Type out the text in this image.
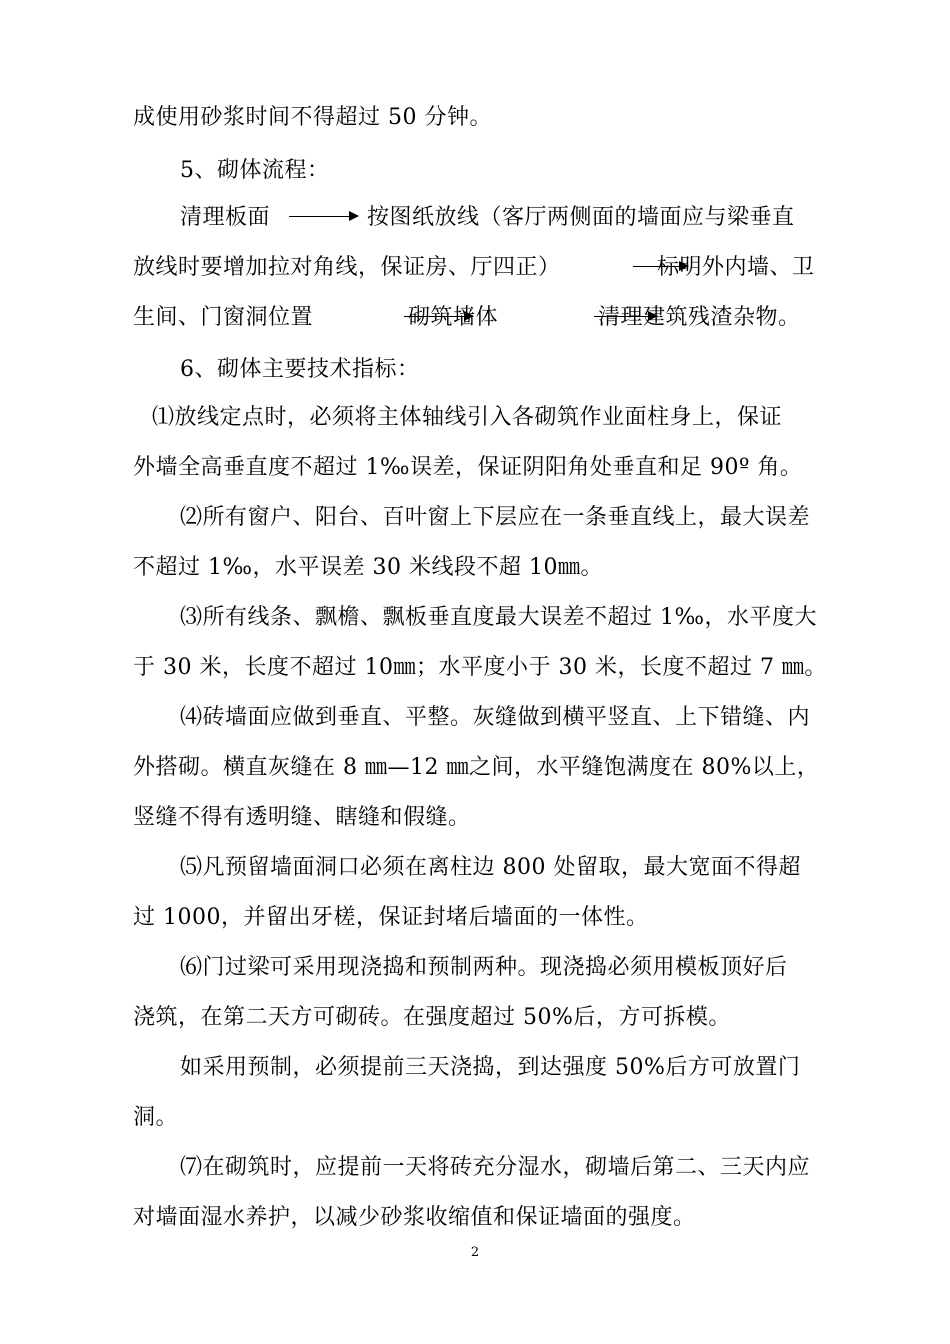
成使用砂浆时间不得超过 50 分钟。
5、砌体流程：
清理板面	按图纸放线（客厅两侧面的墙面应与梁垂直
放线时要增加拉对角线，保证房、厅四正）	标明外内墙、卫
生间、门窗洞位置	砌筑墙体	清理建筑残渣杂物。
6、砌体主要技术指标：
⑴放线定点时，必须将主体轴线引入各砌筑作业面柱身上，保证
外墙全高垂直度不超过 1‰误差，保证阴阳角处垂直和足 90º 角。
⑵所有窗户、阳台、百叶窗上下层应在一条垂直线上，最大误差
不超过 1‰，水平误差 30 米线段不超 10㎜。
⑶所有线条、飘檐、飘板垂直度最大误差不超过 1‰，水平度大
于 30 米，长度不超过 10㎜；水平度小于 30 米，长度不超过 7 ㎜。
⑷砖墙面应做到垂直、平整。灰缝做到横平竖直、上下错缝、内
外搭砌。横直灰缝在 8 ㎜—12 ㎜之间，水平缝饱满度在 80%以上，
竖缝不得有透明缝、瞎缝和假缝。
⑸凡预留墙面洞口必须在离柱边 800 处留取，最大宽面不得超
过 1000，并留出牙槎，保证封堵后墙面的一体性。
⑹门过梁可采用现浇捣和预制两种。现浇捣必须用模板顶好后
浇筑，在第二天方可砌砖。在强度超过 50%后，方可拆模。
如采用预制，必须提前三天浇捣，到达强度 50%后方可放置门
洞。
⑺在砌筑时，应提前一天将砖充分湿水，砌墙后第二、三天内应
对墙面湿水养护，以减少砂浆收缩值和保证墙面的强度。
2
